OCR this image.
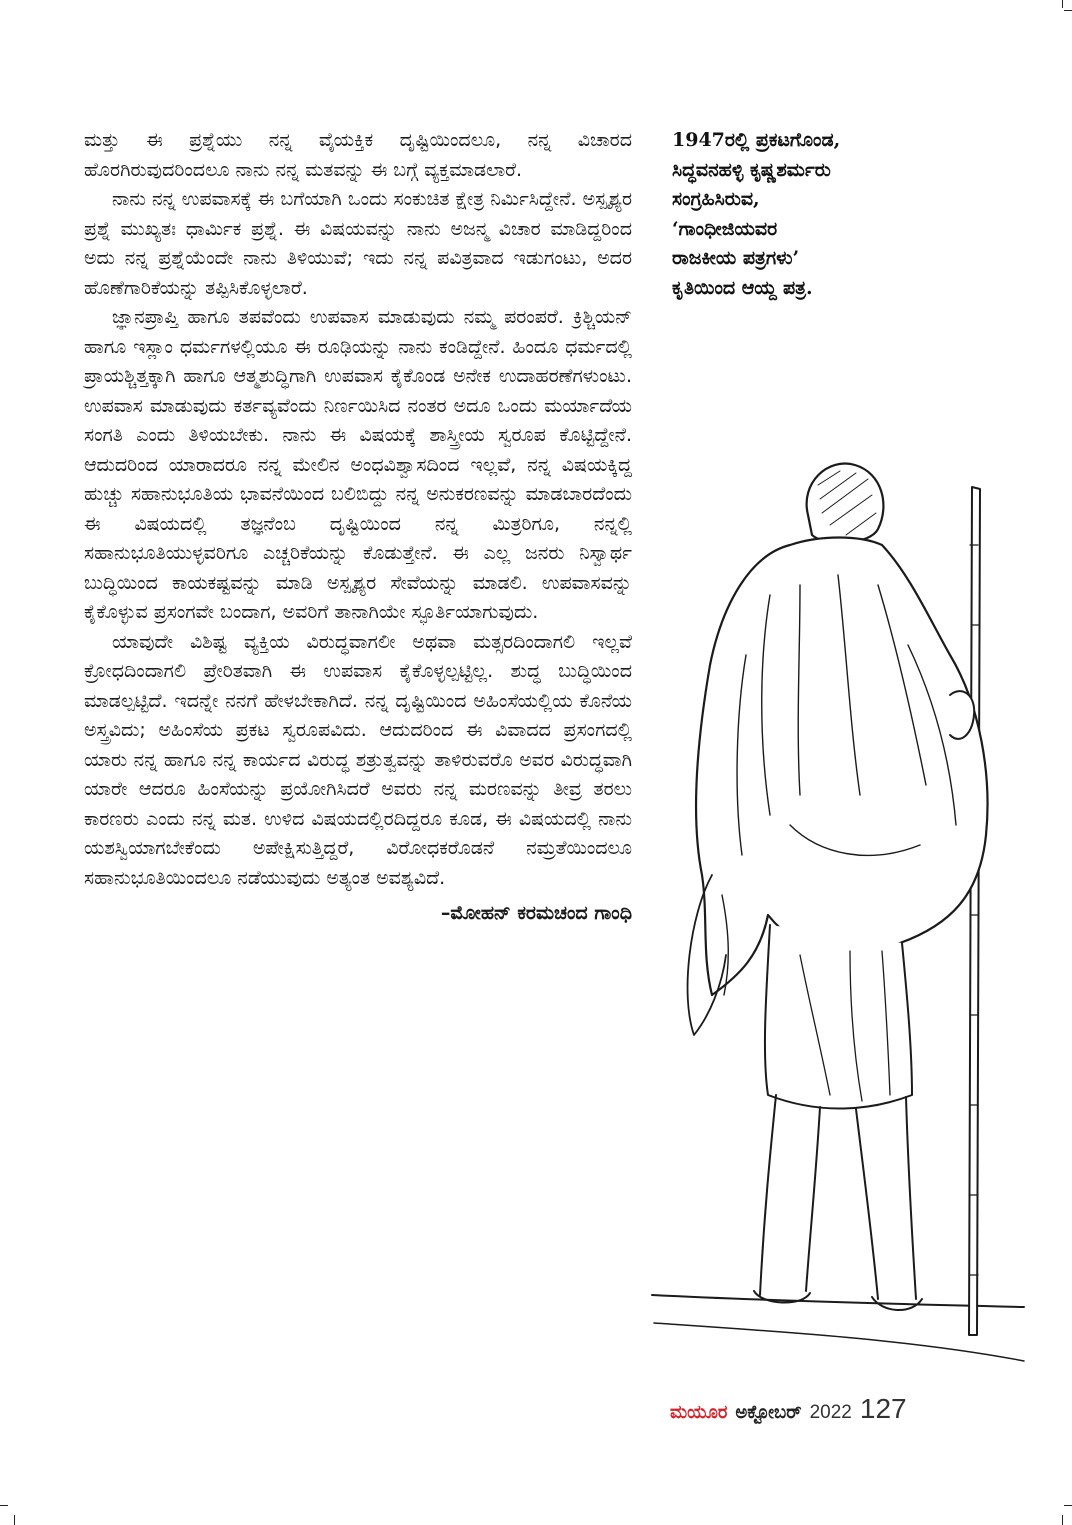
ಮತ್ತು ಈ ಪ್ರಶ್ನೆಯು ನನ್ನ ವೈಯಕ್ತಿಕ ದೃಷ್ಟಿಯಿಂದಲೂ, ನನ್ನ ವಿಚಾರದ ಹೊರಗಿರುವುದರಿಂದಲೂ ನಾನು ನನ್ನ ಮತವನ್ನು ಈ ಬಗ್ಗೆ ವ್ಯಕ್ತಮಾಡಲಾರೆ.

ನಾನು ನನ್ನ ಉಪವಾಸಕ್ಕೆ ಈ ಬಗೆಯಾಗಿ ಒಂದು ಸಂಕುಚಿತ ಕ್ಷೇತ್ರ ನಿರ್ಮಿಸಿದ್ದೇನೆ. ಅಸ್ಪೃಶ್ಯರ ಪ್ರಶ್ನೆ ಮುಖ್ಯತಃ ಧಾರ್ಮಿಕ ಪ್ರಶ್ನೆ. ಈ ವಿಷಯವನ್ನು ನಾನು ಅಜನ್ಮ ವಿಚಾರ ಮಾಡಿದ್ದರಿಂದ ಅದು ನನ್ನ ಪ್ರಶ್ನೆಯೆಂದೇ ನಾನು ತಿಳಿಯುವೆ; ಇದು ನನ್ನ ಪವಿತ್ರವಾದ ಇಡುಗಂಟು, ಅದರ ಹೊಣೆಗಾರಿಕೆಯನ್ನು ತಪ್ಪಿಸಿಕೊಳ್ಳಲಾರೆ.

ಜ್ಞಾನಪ್ರಾಪ್ತಿ ಹಾಗೂ ತಪವೆಂದು ಉಪವಾಸ ಮಾಡುವುದು ನಮ್ಮ ಪರಂಪರೆ. ಕ್ರಿಶ್ಚಿಯನ್ ಹಾಗೂ ಇಸ್ಲಾಂ ಧರ್ಮಗಳಲ್ಲಿಯೂ ಈ ರೂಢಿಯನ್ನು ನಾನು ಕಂಡಿದ್ದೇನೆ. ಹಿಂದೂ ಧರ್ಮದಲ್ಲಿ ಪ್ರಾಯಶ್ಚಿತ್ತಕ್ಕಾಗಿ ಹಾಗೂ ಆತ್ಮಶುದ್ಧಿಗಾಗಿ ಉಪವಾಸ ಕೈಕೊಂಡ ಅನೇಕ ಉದಾಹರಣೆಗಳುಂಟು. ಉಪವಾಸ ಮಾಡುವುದು ಕರ್ತವ್ಯವೆಂದು ನಿರ್ಣಯಿಸಿದ ನಂತರ ಅದೂ ಒಂದು ಮರ್ಯಾದೆಯ ಸಂಗತಿ ಎಂದು ತಿಳಿಯಬೇಕು. ನಾನು ಈ ವಿಷಯಕ್ಕೆ ಶಾಸ್ತ್ರೀಯ ಸ್ವರೂಪ ಕೊಟ್ಟಿದ್ದೇನೆ. ಆದುದರಿಂದ ಯಾರಾದರೂ ನನ್ನ ಮೇಲಿನ ಅಂಧವಿಶ್ವಾಸದಿಂದ ಇಲ್ಲವೆ, ನನ್ನ ವಿಷಯಕ್ಕಿದ್ದ ಹುಚ್ಚು ಸಹಾನುಭೂತಿಯ ಭಾವನೆಯಿಂದ ಬಲಿಬಿದ್ದು ನನ್ನ ಅನುಕರಣವನ್ನು ಮಾಡಬಾರದೆಂದು ಈ ವಿಷಯದಲ್ಲಿ ತಜ್ಞನೆಂಬ ದೃಷ್ಟಿಯಿಂದ ನನ್ನ ಮಿತ್ರರಿಗೂ, ನನ್ನಲ್ಲಿ ಸಹಾನುಭೂತಿಯುಳ್ಳವರಿಗೂ ಎಚ್ಚರಿಕೆಯನ್ನು ಕೊಡುತ್ತೇನೆ. ಈ ಎಲ್ಲ ಜನರು ನಿಸ್ವಾರ್ಥ ಬುದ್ಧಿಯಿಂದ ಕಾಯಕಷ್ಟವನ್ನು ಮಾಡಿ ಅಸ್ಪೃಶ್ಯರ ಸೇವೆಯನ್ನು ಮಾಡಲಿ. ಉಪವಾಸವನ್ನು ಕೈಕೊಳ್ಳುವ ಪ್ರಸಂಗವೇ ಬಂದಾಗ, ಅವರಿಗೆ ತಾನಾಗಿಯೇ ಸ್ಫೂರ್ತಿಯಾಗುವುದು.

ಯಾವುದೇ ವಿಶಿಷ್ಟ ವ್ಯಕ್ತಿಯ ವಿರುದ್ಧವಾಗಲೀ ಅಥವಾ ಮತ್ಸರದಿಂದಾಗಲಿ ಇಲ್ಲವೆ ಕ್ರೋಧದಿಂದಾಗಲಿ ಪ್ರೇರಿತವಾಗಿ ಈ ಉಪವಾಸ ಕೈಕೊಳ್ಳಲ್ಪಟ್ಟಿಲ್ಲ. ಶುದ್ಧ ಬುದ್ಧಿಯಿಂದ ಮಾಡಲ್ಪಟ್ಟಿದೆ. ಇದನ್ನೇ ನನಗೆ ಹೇಳಬೇಕಾಗಿದೆ. ನನ್ನ ದೃಷ್ಟಿಯಿಂದ ಅಹಿಂಸೆಯಲ್ಲಿಯ ಕೊನೆಯ ಅಸ್ತ್ರವಿದು; ಅಹಿಂಸೆಯ ಪ್ರಕಟ ಸ್ವರೂಪವಿದು. ಆದುದರಿಂದ ಈ ವಿವಾದದ ಪ್ರಸಂಗದಲ್ಲಿ ಯಾರು ನನ್ನ ಹಾಗೂ ನನ್ನ ಕಾರ್ಯದ ವಿರುದ್ಧ ಶತ್ರುತ್ವವನ್ನು ತಾಳಿರುವರೊ ಅವರ ವಿರುದ್ಧವಾಗಿ ಯಾರೇ ಆದರೂ ಹಿಂಸೆಯನ್ನು ಪ್ರಯೋಗಿಸಿದರೆ ಅವರು ನನ್ನ ಮರಣವನ್ನು ತೀವ್ರ ತರಲು ಕಾರಣರು ಎಂದು ನನ್ನ ಮತ. ಉಳಿದ ವಿಷಯದಲ್ಲಿರದಿದ್ದರೂ ಕೂಡ, ಈ ವಿಷಯದಲ್ಲಿ ನಾನು ಯಶಸ್ವಿಯಾಗಬೇಕೆಂದು ಅಪೇಕ್ಷಿಸುತ್ತಿದ್ದರೆ, ವಿರೋಧಕರೊಡನೆ ನಮ್ರತೆಯಿಂದಲೂ ಸಹಾನುಭೂತಿಯಿಂದಲೂ ನಡೆಯುವುದು ಅತ್ಯಂತ ಅವಶ್ಯವಿದೆ.

–ಮೋಹನ್ ಕರಮಚಂದ ಗಾಂಧಿ

1947ರಲ್ಲಿ ಪ್ರಕಟಗೊಂಡ,
ಸಿದ್ಧವನಹಳ್ಳಿ ಕೃಷ್ಣಶರ್ಮರು
ಸಂಗ್ರಹಿಸಿರುವ,
‘ಗಾಂಧೀಜಿಯವರ
ರಾಜಕೀಯ ಪತ್ರಗಳು’
ಕೃತಿಯಿಂದ ಆಯ್ದ ಪತ್ರ.
ಮಯೂರ ಅಕ್ಟೋಬರ್ 2022 127
